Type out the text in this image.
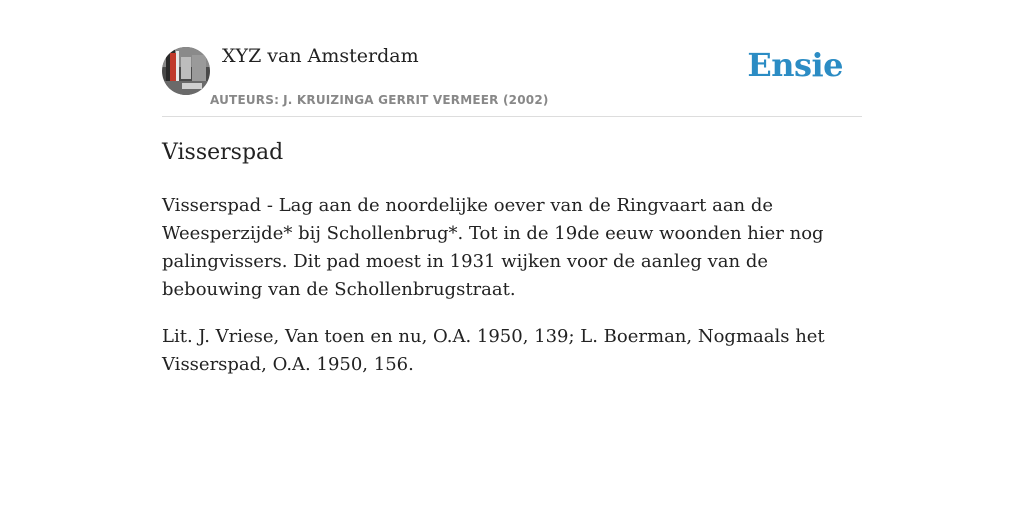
XYZ van Amsterdam
AUTEURS: J. KRUIZINGA GERRIT VERMEER (2002)
Ensie
Visserspad

Visserspad - Lag aan de noordelijke oever van de Ringvaart aan de Weesperzijde* bij Schollenbrug*. Tot in de 19de eeuw woonden hier nog palingvissers. Dit pad moest in 1931 wijken voor de aanleg van de bebouwing van de Schollenbrugstraat.

Lit. J. Vriese, Van toen en nu, O.A. 1950, 139; L. Boerman, Nogmaals het Visserspad, O.A. 1950, 156.
